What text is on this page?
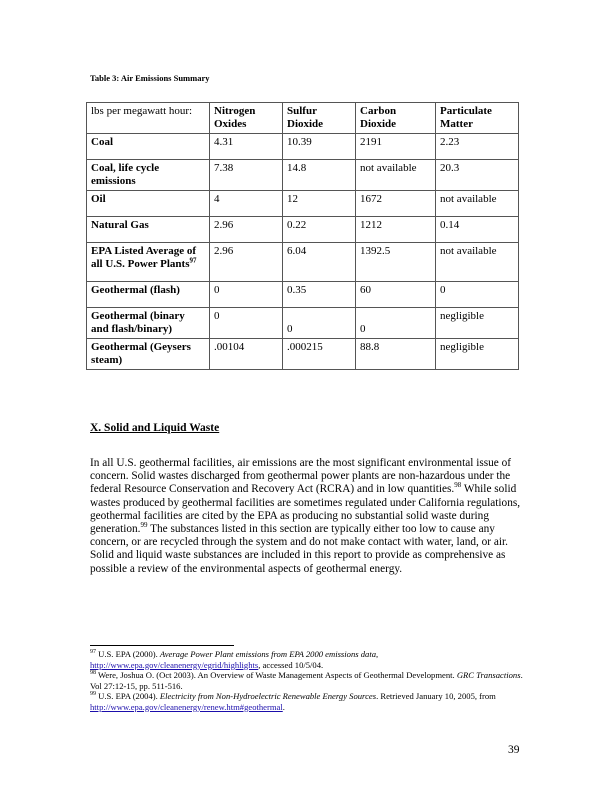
Table 3: Air Emissions Summary
lbs per megawatt hour:	Nitrogen Oxides	Sulfur Dioxide	Carbon Dioxide	Particulate Matter
Coal	4.31	10.39	2191	2.23
Coal, life cycle emissions	7.38	14.8	not available	20.3
Oil	4	12	1672	not available
Natural Gas	2.96	0.22	1212	0.14
EPA Listed Average of all U.S. Power Plants$^{97}$	2.96	6.04	1392.5	not available
Geothermal (flash)	0	0.35	60	0
Geothermal (binary and flash/binary)	0	0	0	negligible
Geothermal (Geysers steam)	.00104	.000215	88.8	negligible
X. Solid and Liquid Waste
In all U.S. geothermal facilities, air emissions are the most significant environmental issue of concern. Solid wastes discharged from geothermal power plants are non-hazardous under the federal Resource Conservation and Recovery Act (RCRA) and in low quantities.$^{98}$ While solid wastes produced by geothermal facilities are sometimes regulated under California regulations, geothermal facilities are cited by the EPA as producing no substantial solid waste during generation.$^{99}$ The substances listed in this section are typically either too low to cause any concern, or are recycled through the system and do not make contact with water, land, or air. Solid and liquid waste substances are included in this report to provide as comprehensive as possible a review of the environmental aspects of geothermal energy.

$^{97}$ U.S. EPA (2000). Average Power Plant emissions from EPA 2000 emissions data, http://www.epa.gov/cleanenergy/egrid/highlights, accessed 10/5/04.

$^{98}$ Were, Joshua O. (Oct 2003). An Overview of Waste Management Aspects of Geothermal Development. GRC Transactions. Vol 27:12-15, pp. 511-516.

$^{99}$ U.S. EPA (2004). Electricity from Non-Hydroelectric Renewable Energy Sources. Retrieved January 10, 2005, from http://www.epa.gov/cleanenergy/renew.htm#geothermal.

39
